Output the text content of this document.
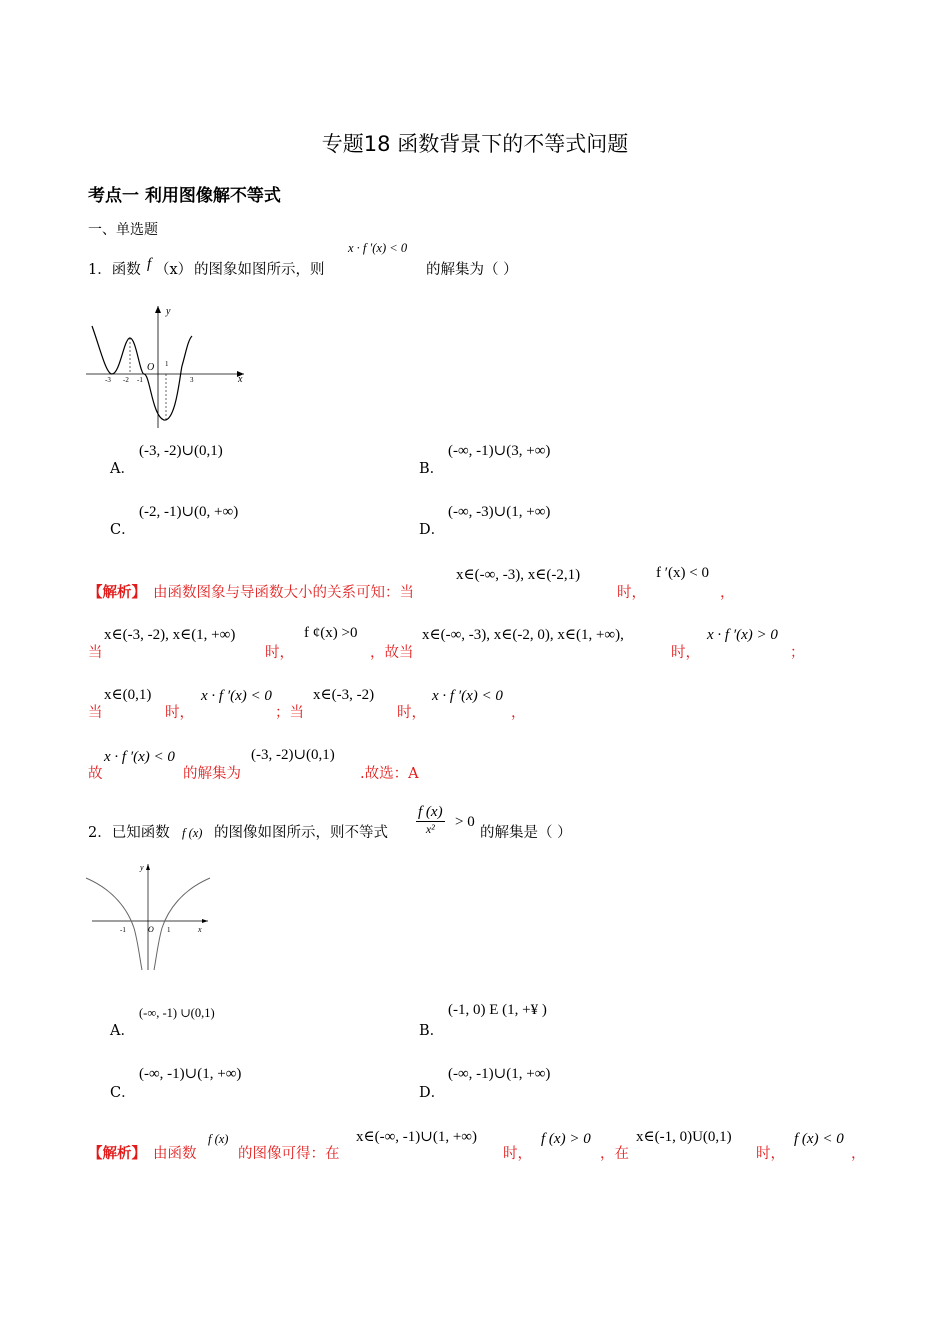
专题18 函数背景下的不等式问题
考点一 利用图像解不等式
一、单选题
1．函数 f （x） 的图象如图所示，则
x · f ′(x) < 0
的解集为（ ）
y
x
O
-3 -2 -1
1
3
A．
(-3, -2)∪(0,1)
B．
(-∞, -1)∪(3, +∞)
C．
(-2, -1)∪(0, +∞)
D．
(-∞, -3)∪(1, +∞)
【解析】 由函数图象与导函数大小的关系可知：当
x∈(-∞, -3), x∈(-2,1)
时，
f ′(x) < 0
，
当
x∈(-3, -2), x∈(1, +∞)
时，
f ¢(x) >0
，故当
x∈(-∞, -3), x∈(-2, 0), x∈(1, +∞),
时，
x · f ′(x) > 0
；
当
x∈(0,1)
时，
x · f ′(x) < 0
；当
x∈(-3, -2)
时，
x · f ′(x) < 0
，
故
x · f ′(x) < 0
的解集为
(-3, -2)∪(0,1)
.故选：A
2．已知函数 f (x) 的图像如图所示，则不等式 $\frac{f (x)}{\text{x²}} > 0$
的解集是（ ）
y
x
O
-1	1
A．
(-∞, -1) ∪(0,1)
B．
(-1, 0) E (1, +¥ )
C．
(-∞, -1)∪(1, +∞)
D．
(-∞, -1)∪(1, +∞)
【解析】 由函数
f (x)
的图像可得：在
x∈(-∞, -1)∪(1, +∞)
时，
f (x) > 0
，在
x∈(-1, 0)U(0,1)
时，
f (x) < 0
，
